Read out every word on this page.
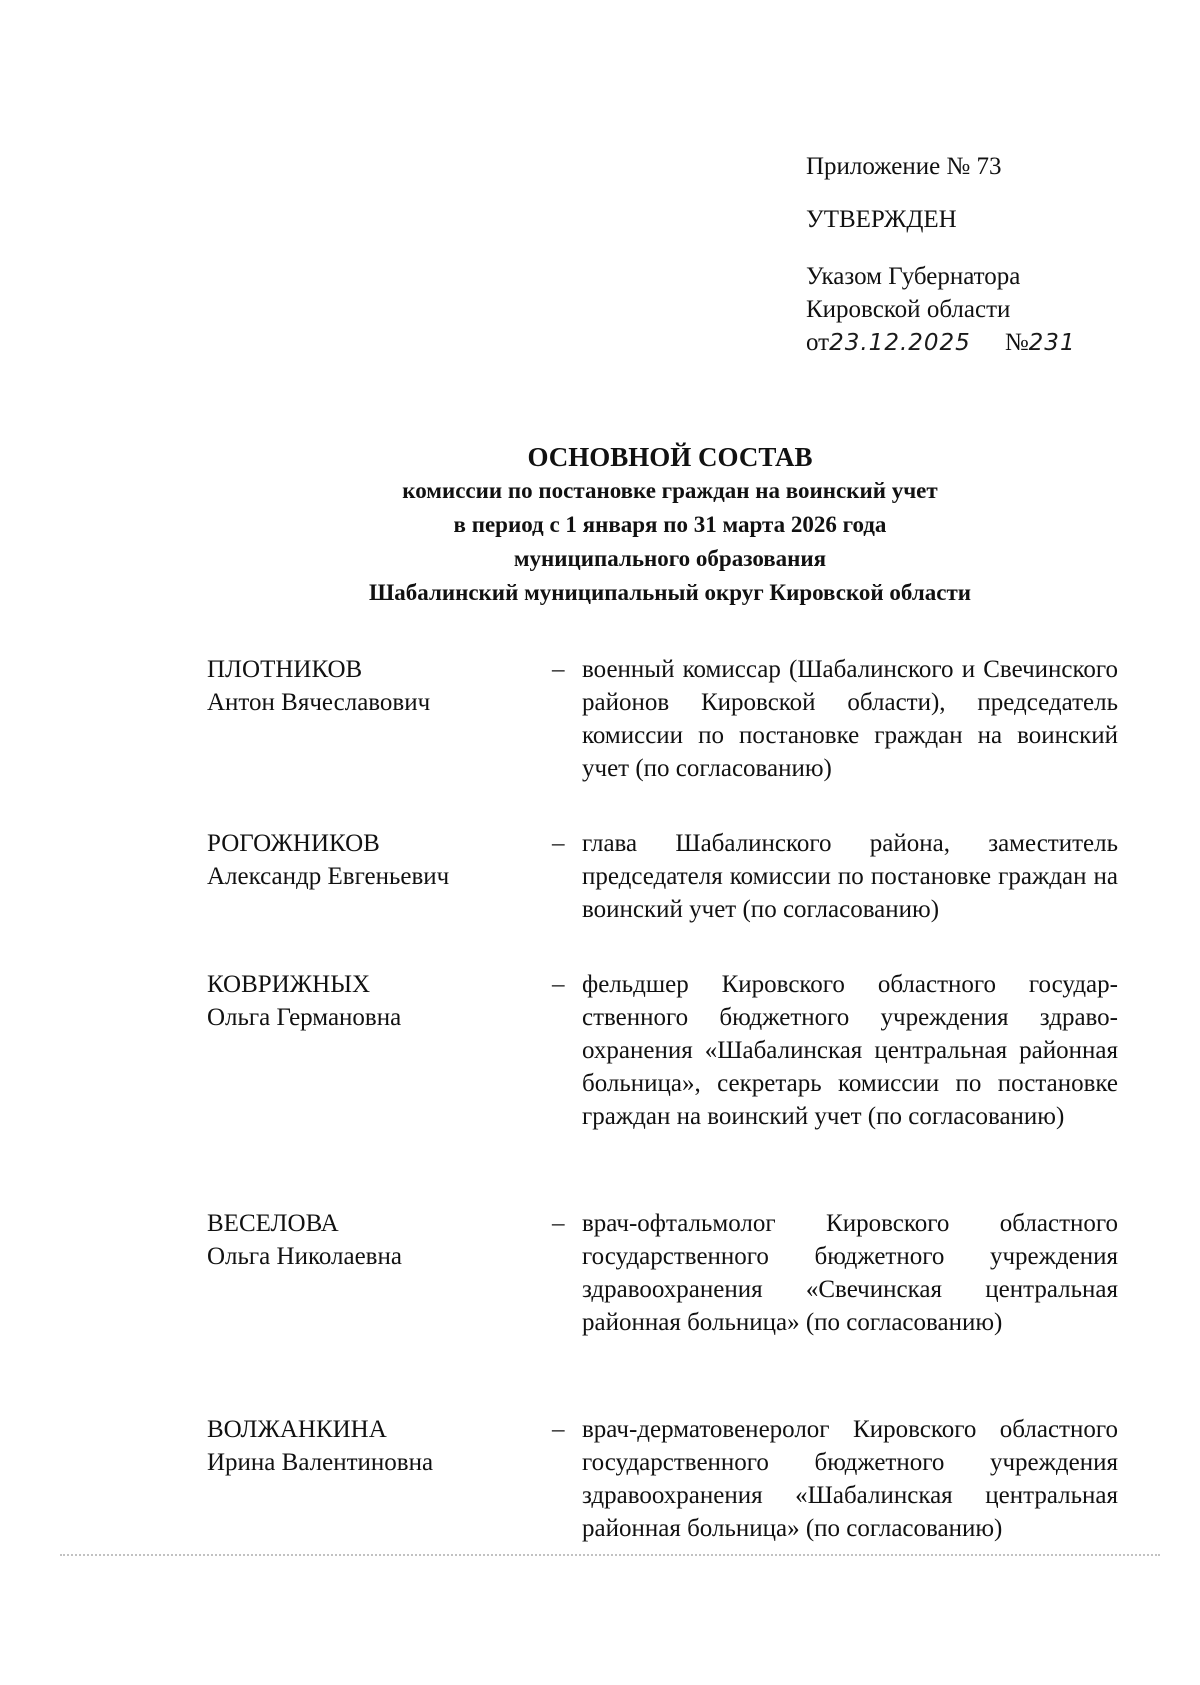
Приложение № 73
УТВЕРЖДЕН
Указом Губернатора
Кировской области
от23.12.2025 №231
ОСНОВНОЙ СОСТАВ
комиссии по постановке граждан на воинский учет
в период с 1 января по 31 марта 2026 года
муниципального образования
Шабалинский муниципальный округ Кировской области
ПЛОТНИКОВ
Антон Вячеславович
– военный комиссар (Шабалинского и Свечинского районов Кировской области), председатель комиссии по постановке граждан на воинский учет (по согласованию)
РОГОЖНИКОВ
Александр Евгеньевич
– глава Шабалинского района, заместитель председателя комиссии по постановке граждан на воинский учет (по согласованию)
КОВРИЖНЫХ
Ольга Германовна
– фельдшер Кировского областного государственного бюджетного учреждения здравоохранения «Шабалинская центральная районная больница», секретарь комиссии по постановке граждан на воинский учет (по согласованию)
ВЕСЕЛОВА
Ольга Николаевна
– врач-офтальмолог Кировского областного государственного бюджетного учреждения здравоохранения «Свечинская центральная районная больница» (по согласованию)
ВОЛЖАНКИНА
Ирина Валентиновна
– врач-дерматовенеролог Кировского областного государственного бюджетного учреждения здравоохранения «Шабалинская центральная районная больница» (по согласованию)
